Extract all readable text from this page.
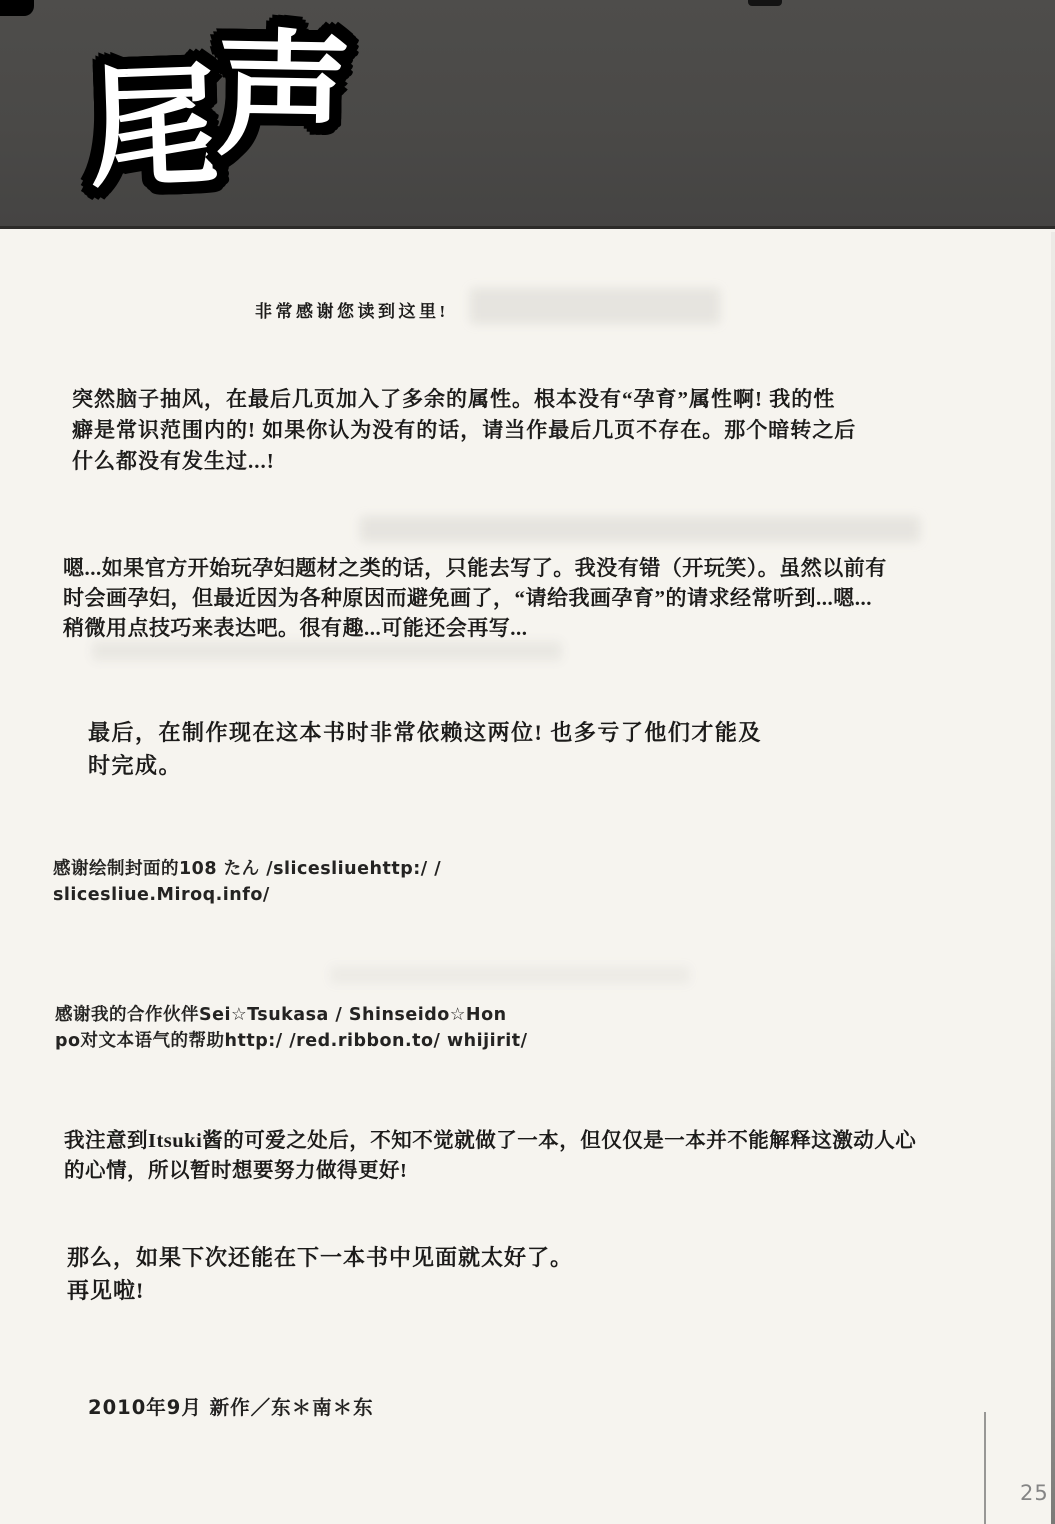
尾声
非常感谢您读到这里!
突然脑子抽风，在最后几页加入了多余的属性。根本没有“孕育”属性啊! 我的性
癖是常识范围内的! 如果你认为没有的话，请当作最后几页不存在。那个暗转之后
什么都没有发生过...!
嗯...如果官方开始玩孕妇题材之类的话，只能去写了。我没有错（开玩笑）。虽然以前有
时会画孕妇，但最近因为各种原因而避免画了，“请给我画孕育”的请求经常听到...嗯...
稍微用点技巧来表达吧。很有趣...可能还会再写...
最后，在制作现在这本书时非常依赖这两位! 也多亏了他们才能及
时完成。
感谢绘制封面的108 たん /slicesliuehttp:/ /
slicesliue.Miroq.info/
感谢我的合作伙伴Sei☆Tsukasa / Shinseido☆Hon
po对文本语气的帮助http:/ /red.ribbon.to/ whijirit/
我注意到Itsuki酱的可爱之处后，不知不觉就做了一本，但仅仅是一本并不能解释这激动人心
的心情，所以暂时想要努力做得更好!
那么，如果下次还能在下一本书中见面就太好了。
再见啦!
2010年9月 新作／东＊南＊东
25
